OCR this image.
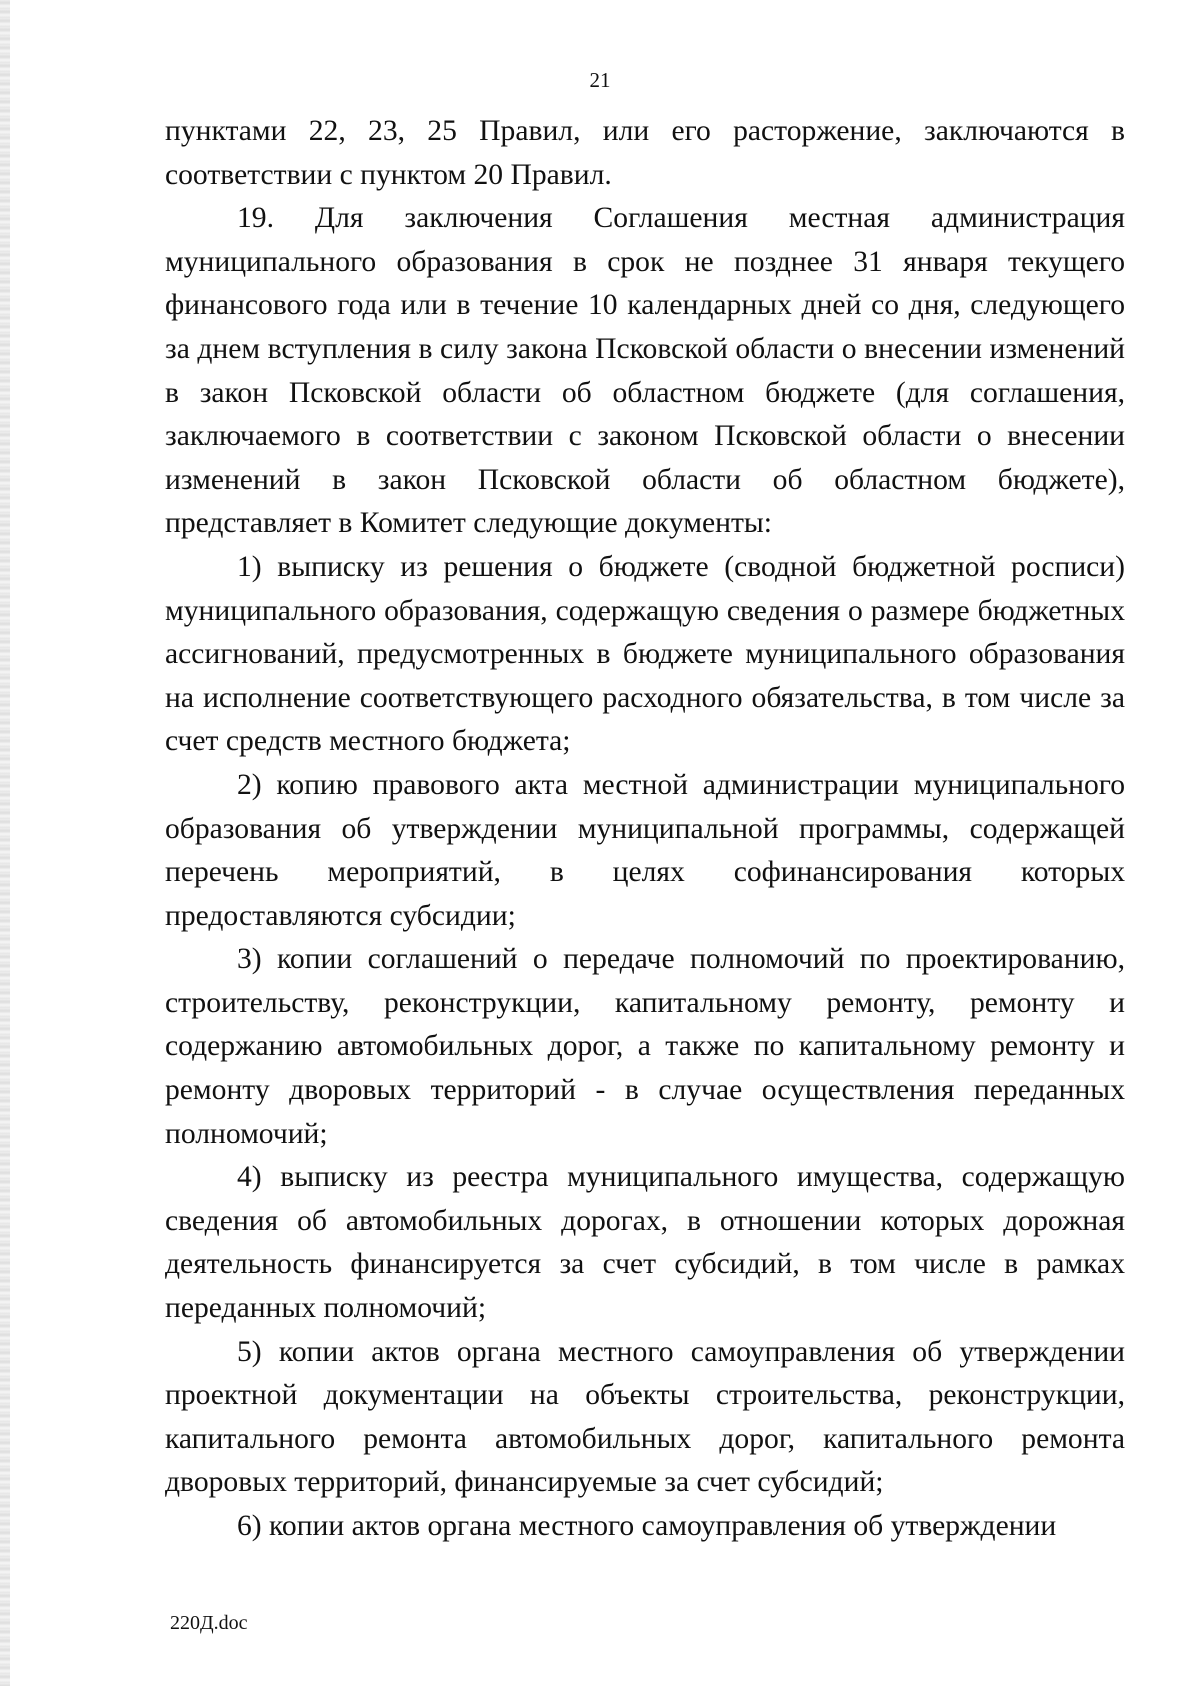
21

пунктами 22, 23, 25 Правил, или его расторжение, заключаются в соответствии с пунктом 20 Правил.

19. Для заключения Соглашения местная администрация муниципального образования в срок не позднее 31 января текущего финансового года или в течение 10 календарных дней со дня, следующего за днем вступления в силу закона Псковской области о внесении изменений в закон Псковской области об областном бюджете (для соглашения, заключаемого в соответствии с законом Псковской области о внесении изменений в закон Псковской области об областном бюджете), представляет в Комитет следующие документы:

1) выписку из решения о бюджете (сводной бюджетной росписи) муниципального образования, содержащую сведения о размере бюджетных ассигнований, предусмотренных в бюджете муниципального образования на исполнение соответствующего расходного обязательства, в том числе за счет средств местного бюджета;

2) копию правового акта местной администрации муниципального образования об утверждении муниципальной программы, содержащей перечень мероприятий, в целях софинансирования которых предоставляются субсидии;

3) копии соглашений о передаче полномочий по проектированию, строительству, реконструкции, капитальному ремонту, ремонту и содержанию автомобильных дорог, а также по капитальному ремонту и ремонту дворовых территорий - в случае осуществления переданных полномочий;

4) выписку из реестра муниципального имущества, содержащую сведения об автомобильных дорогах, в отношении которых дорожная деятельность финансируется за счет субсидий, в том числе в рамках переданных полномочий;

5) копии актов органа местного самоуправления об утверждении проектной документации на объекты строительства, реконструкции, капитального ремонта автомобильных дорог, капитального ремонта дворовых территорий, финансируемые за счет субсидий;

6) копии актов органа местного самоуправления об утверждении

220Д.doc
